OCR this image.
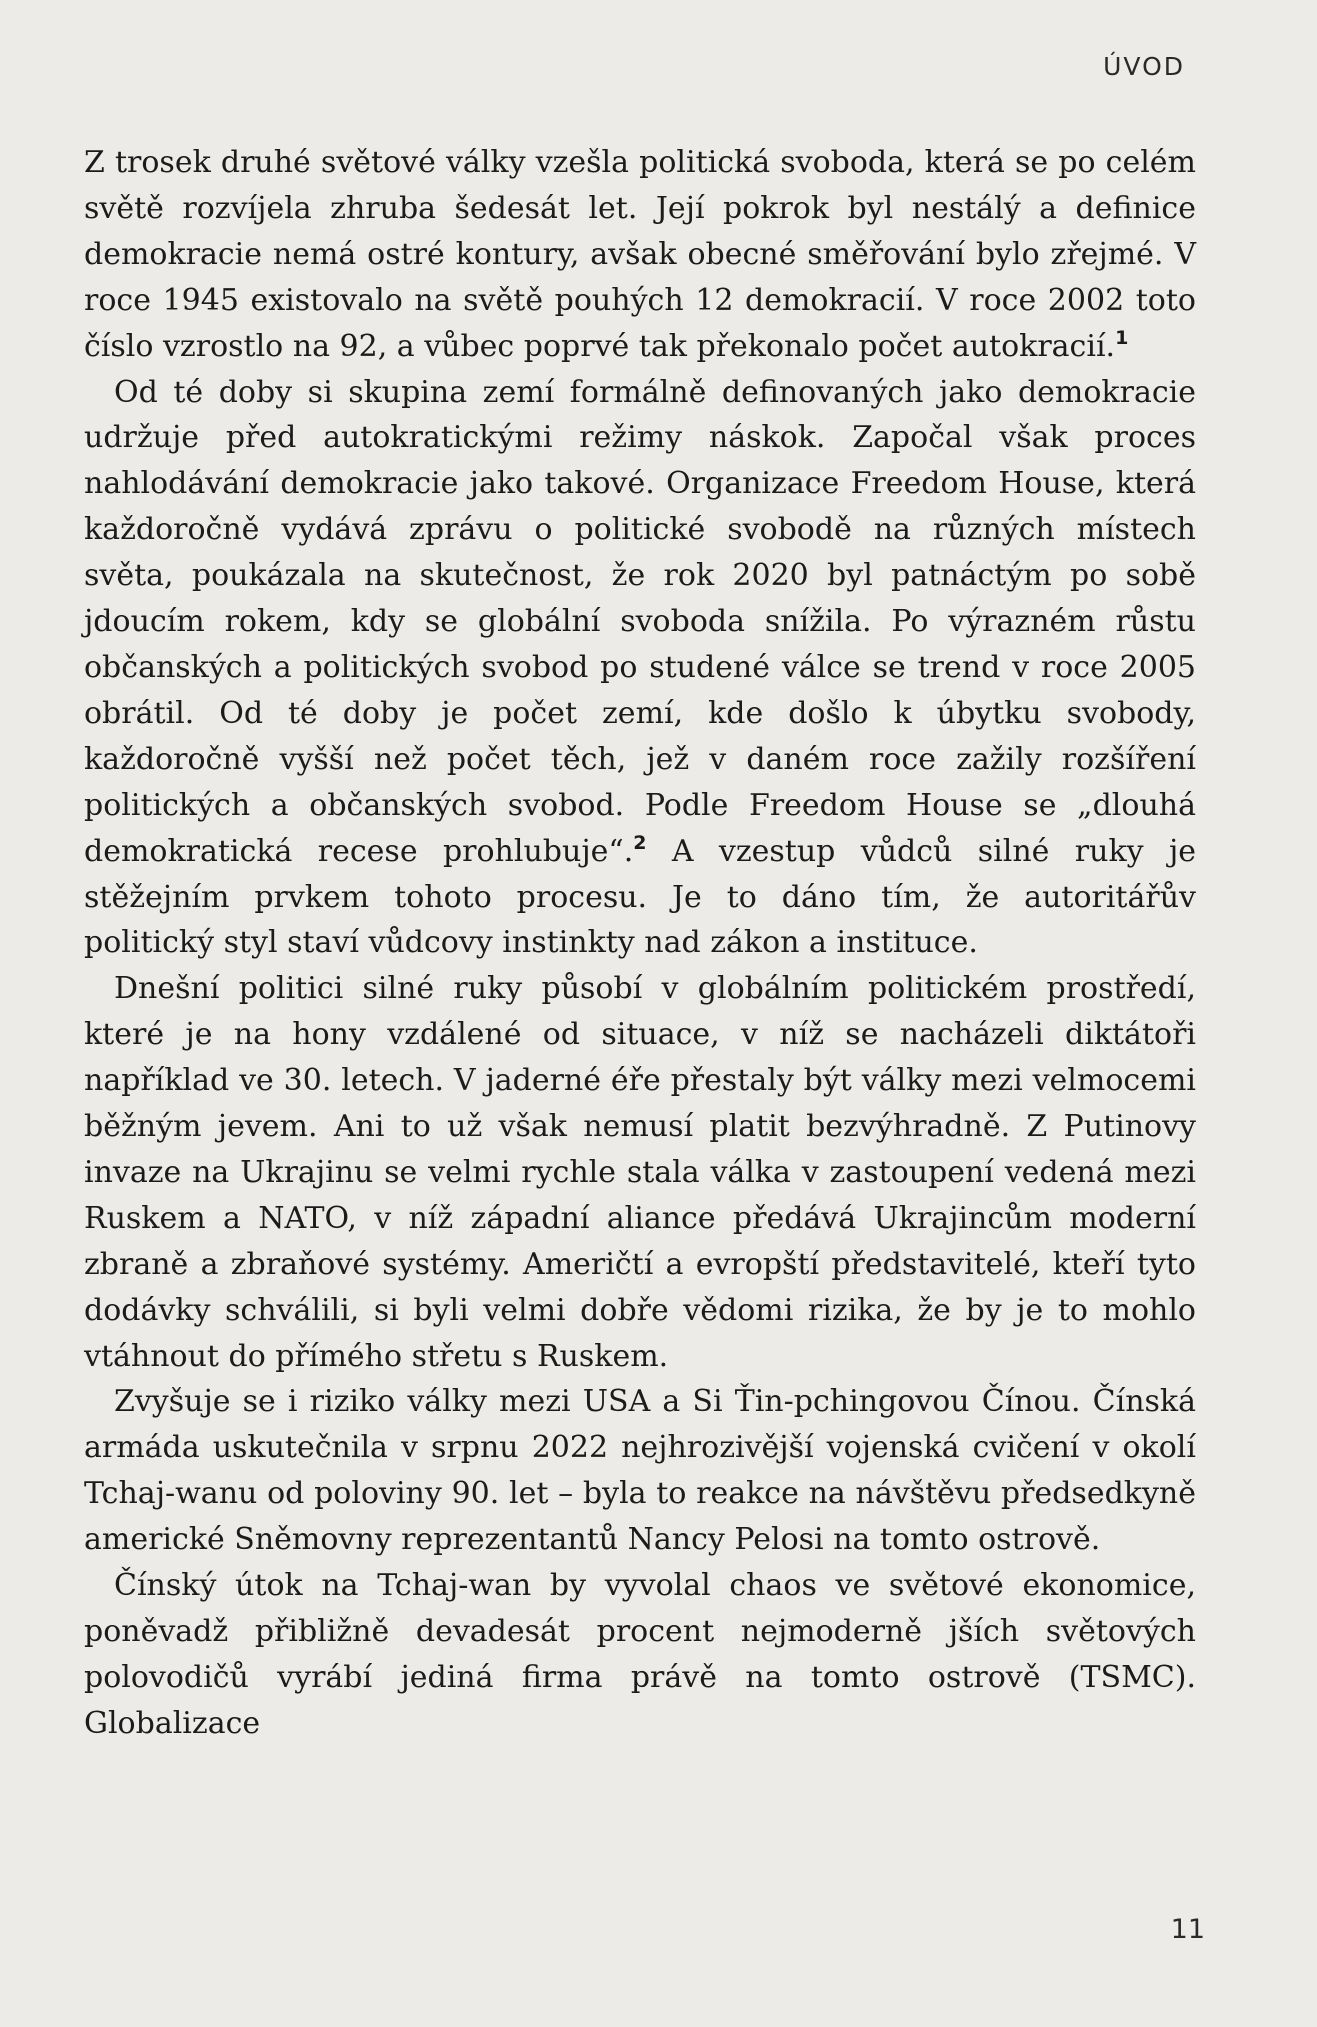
ÚVOD

Z trosek druhé světové války vzešla politická svoboda, která se po celém světě rozvíjela zhruba šedesát let. Její pokrok byl nestálý a definice demokracie nemá ostré kontury, avšak obecné směřování bylo zřejmé. V roce 1945 existovalo na světě pouhých 12 demokracií. V roce 2002 toto číslo vzrostlo na 92, a vůbec poprvé tak překonalo počet autokracií.$^1$

Od té doby si skupina zemí formálně definovaných jako demokracie udržuje před autokratickými režimy náskok. Započal však proces nahlodávání demokracie jako takové. Organizace Freedom House, která každoročně vydává zprávu o politické svobodě na různých místech světa, poukázala na skutečnost, že rok 2020 byl patnáctým po sobě jdoucím rokem, kdy se globální svoboda snížila. Po výrazném růstu občanských a politických svobod po studené válce se trend v roce 2005 obrátil. Od té doby je počet zemí, kde došlo k úbytku svobody, každoročně vyšší než počet těch, jež v daném roce zažily rozšíření politických a občanských svobod. Podle Freedom House se „dlouhá demokratická recese prohlubuje“.$^2$ A vzestup vůdců silné ruky je stěžejním prvkem tohoto procesu. Je to dáno tím, že autoritářův politický styl staví vůdcovy instinkty nad zákon a instituce.

Dnešní politici silné ruky působí v globálním politickém prostředí, které je na hony vzdálené od situace, v níž se nacházeli diktátoři například ve 30. letech. V jaderné éře přestaly být války mezi velmocemi běžným jevem. Ani to už však nemusí platit bezvýhradně. Z Putinovy invaze na Ukrajinu se velmi rychle stala válka v zastoupení vedená mezi Ruskem a NATO, v níž západní aliance předává Ukrajincům moderní zbraně a zbraňové systémy. Američtí a evropští představitelé, kteří tyto dodávky schválili, si byli velmi dobře vědomi rizika, že by je to mohlo vtáhnout do přímého střetu s Ruskem.

Zvyšuje se i riziko války mezi USA a Si Ťin-pchingovou Čínou. Čínská armáda uskutečnila v srpnu 2022 nejhrozivější vojenská cvičení v okolí Tchaj-wanu od poloviny 90. let – byla to reakce na návštěvu předsedkyně americké Sněmovny reprezentantů Nancy Pelosi na tomto ostrově.

Čínský útok na Tchaj-wan by vyvolal chaos ve světové ekonomice, poněvadž přibližně devadesát procent nejmoderně jších světových polovodičů vyrábí jediná firma právě na tomto ostrově (TSMC). Globalizace

11
